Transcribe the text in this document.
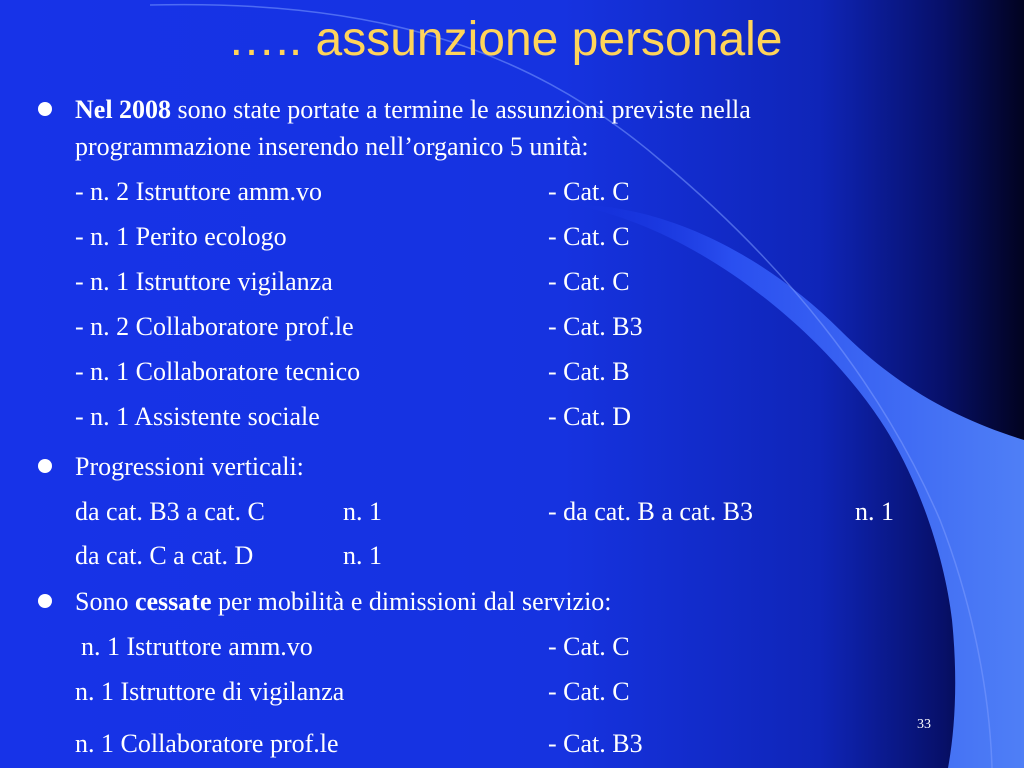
….. assunzione personale
Nel 2008 sono state portate a termine le assunzioni previste nella
programmazione inserendo nell’organico 5 unità:
- n. 2 Istruttore amm.vo	- Cat. C
- n. 1 Perito ecologo	- Cat. C
- n. 1 Istruttore vigilanza	- Cat. C
- n. 2 Collaboratore prof.le	- Cat. B3
- n. 1 Collaboratore tecnico	- Cat. B
- n. 1 Assistente sociale	- Cat. D
Progressioni verticali:
da cat. B3 a cat. C	n. 1	- da cat. B a cat. B3	n. 1
da cat. C a cat. D	n. 1
Sono cessate per mobilità e dimissioni dal servizio:
n. 1 Istruttore amm.vo	- Cat. C
n. 1 Istruttore di vigilanza	- Cat. C
n. 1 Collaboratore prof.le	- Cat. B3
33
